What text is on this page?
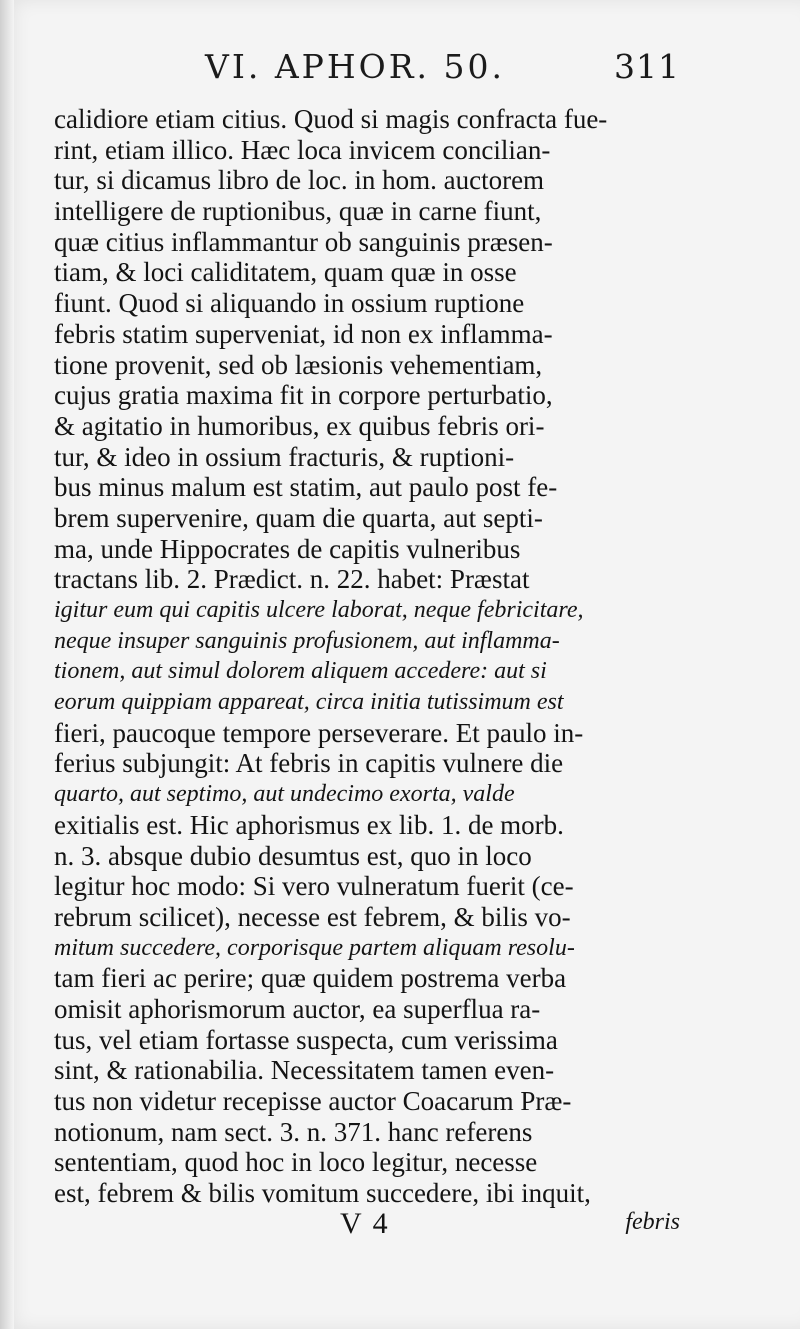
VI. APHOR. 50.	311
calidiore etiam citius. Quod si magis confracta fue-
rint, etiam illico. Hæc loca invicem concilian-
tur, si dicamus libro de loc. in hom. auctorem
intelligere de ruptionibus, quæ in carne fiunt,
quæ citius inflammantur ob sanguinis præsen-
tiam, & loci caliditatem, quam quæ in osse
fiunt. Quod si aliquando in ossium ruptione
febris statim superveniat, id non ex inflamma-
tione provenit, sed ob læsionis vehementiam,
cujus gratia maxima fit in corpore perturbatio,
& agitatio in humoribus, ex quibus febris ori-
tur, & ideo in ossium fracturis, & ruptioni-
bus minus malum est statim, aut paulo post fe-
brem supervenire, quam die quarta, aut septi-
ma, unde Hippocrates de capitis vulneribus
tractans lib. 2. Prædict. n. 22. habet: Præstat
igitur eum qui capitis ulcere laborat, neque febricitare,
neque insuper sanguinis profusionem, aut inflamma-
tionem, aut simul dolorem aliquem accedere: aut si
eorum quippiam appareat, circa initia tutissimum est
fieri, paucoque tempore perseverare. Et paulo in-
ferius subjungit: At febris in capitis vulnere die
quarto, aut septimo, aut undecimo exorta, valde
exitialis est. Hic aphorismus ex lib. 1. de morb.
n. 3. absque dubio desumtus est, quo in loco
legitur hoc modo: Si vero vulneratum fuerit (ce-
rebrum scilicet), necesse est febrem, & bilis vo-
mitum succedere, corporisque partem aliquam resolu-
tam fieri ac perire; quæ quidem postrema verba
omisit aphorismorum auctor, ea superflua ra-
tus, vel etiam fortasse suspecta, cum verissima
sint, & rationabilia. Necessitatem tamen even-
tus non videtur recepisse auctor Coacarum Præ-
notionum, nam sect. 3. n. 371. hanc referens
sententiam, quod hoc in loco legitur, necesse
est, febrem & bilis vomitum succedere, ibi inquit,
V 4	febris
